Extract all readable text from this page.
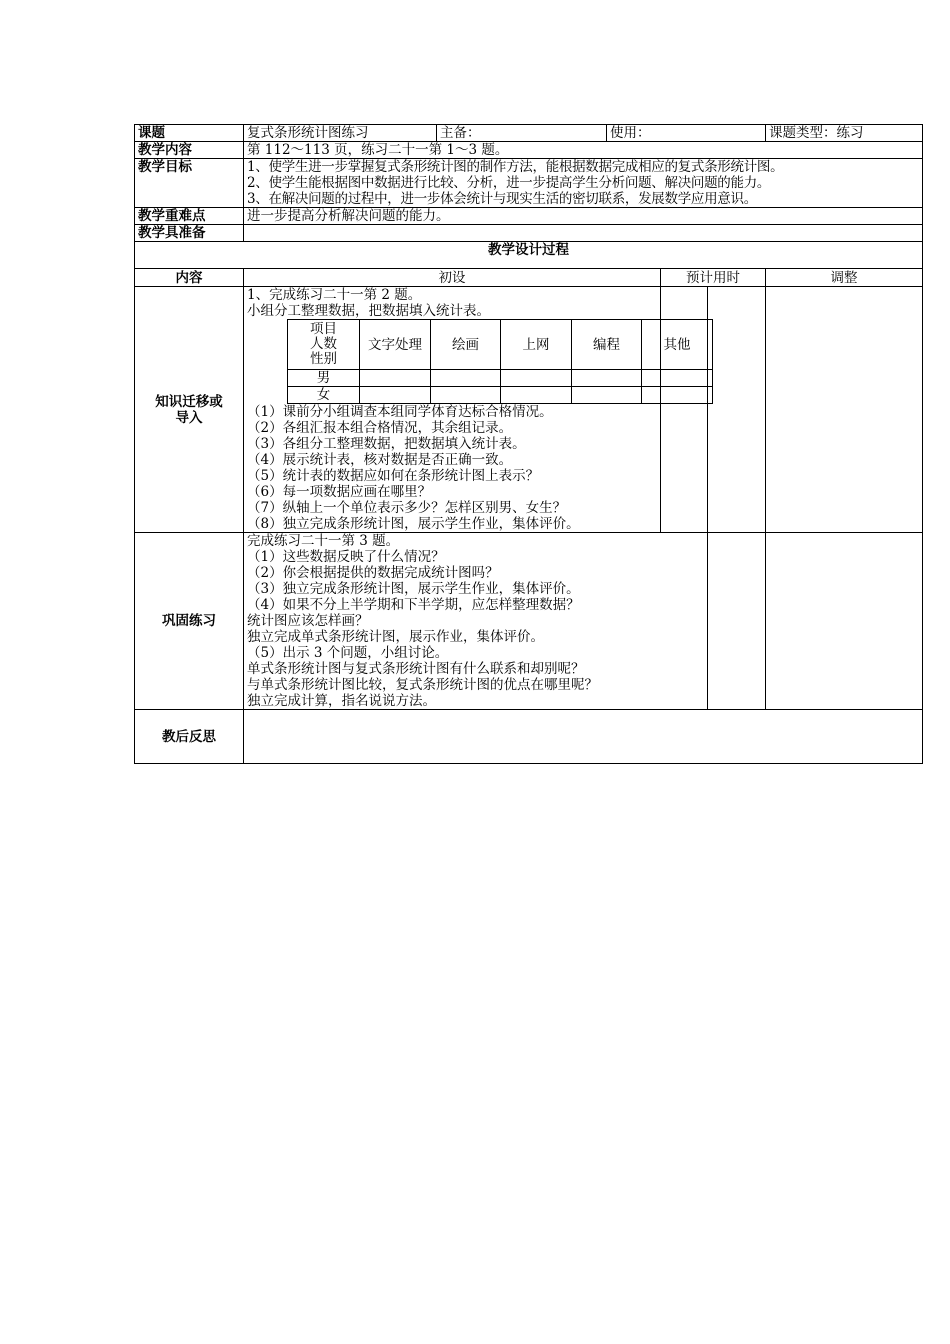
课题	复式条形统计图练习	主备：	使用：	课题类型：练习
教学内容	第 112～113 页，练习二十一第 1～3 题。
教学目标	1、使学生进一步掌握复式条形统计图的制作方法，能根据数据完成相应的复式条形统计图。
2、使学生能根据图中数据进行比较、分析，进一步提高学生分析问题、解决问题的能力。
3、在解决问题的过程中，进一步体会统计与现实生活的密切联系，发展数学应用意识。

教学重难点	进一步提高分析解决问题的能力。
教学具准备	
教学设计过程
内容	初设	预计用时	调整

知识迁移或
导入

1、完成练习二十一第 2 题。
小组分工整理数据，把数据填入统计表。
项目
人数
性别
	文字处理	绘画	上网	编程	其他
男					
女					
（1）课前分小组调查本组同学体育达标合格情况。
（2）各组汇报本组合格情况，其余组记录。
（3）各组分工整理数据，把数据填入统计表。
（4）展示统计表，核对数据是否正确一致。
（5）统计表的数据应如何在条形统计图上表示？
（6）每一项数据应画在哪里？
（7）纵轴上一个单位表示多少？怎样区别男、女生？
（8）独立完成条形统计图，展示学生作业，集体评价。

巩固练习	
完成练习二十一第 3 题。
（1）这些数据反映了什么情况？
（2）你会根据提供的数据完成统计图吗？
（3）独立完成条形统计图，展示学生作业，集体评价。
（4）如果不分上半学期和下半学期，应怎样整理数据？
统计图应该怎样画？
独立完成单式条形统计图，展示作业，集体评价。
（5）出示 3 个问题，小组讨论。
单式条形统计图与复式条形统计图有什么联系和却别呢？
与单式条形统计图比较，复式条形统计图的优点在哪里呢？
独立完成计算，指名说说方法。

教后反思	
